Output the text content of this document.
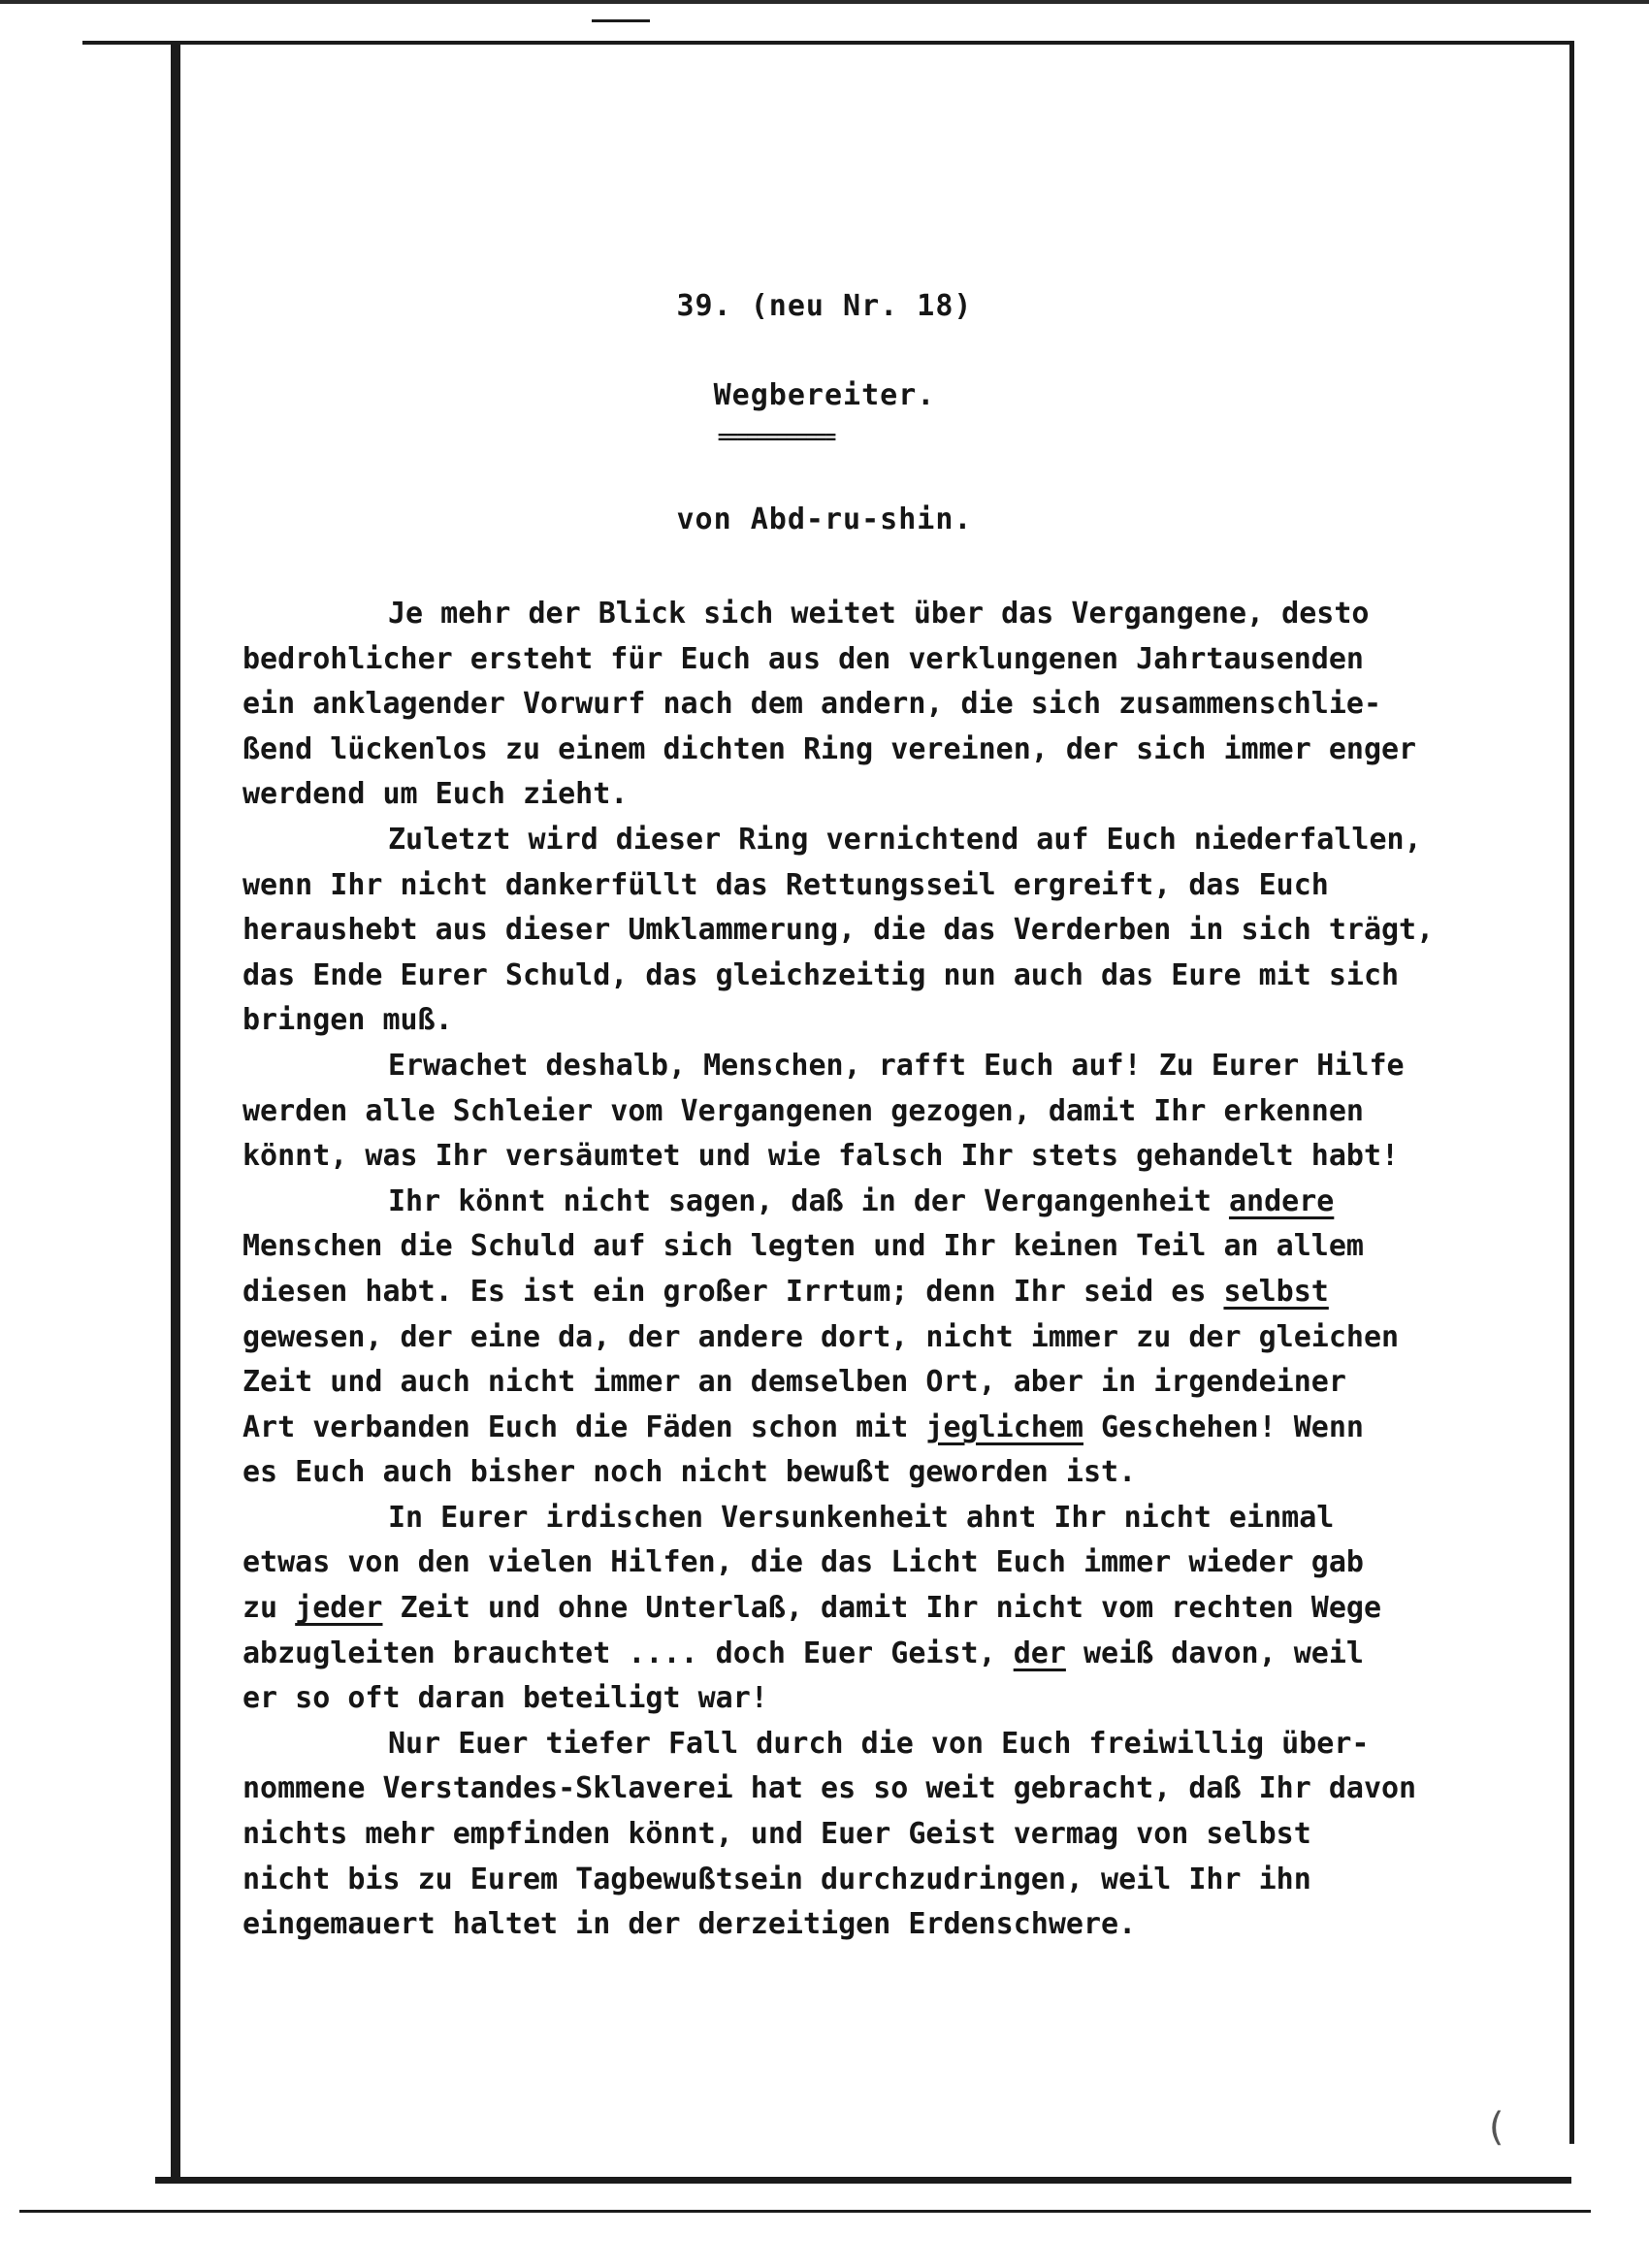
39. (neu Nr. 18)
Wegbereiter.
============
von Abd-ru-shin.
Je mehr der Blick sich weitet über das Vergangene, desto
bedrohlicher ersteht für Euch aus den verklungenen Jahrtausenden
ein anklagender Vorwurf nach dem andern, die sich zusammenschlie-
ßend lückenlos zu einem dichten Ring vereinen, der sich immer enger
werdend um Euch zieht.
Zuletzt wird dieser Ring vernichtend auf Euch niederfallen,
wenn Ihr nicht dankerfüllt das Rettungsseil ergreift, das Euch
heraushebt aus dieser Umklammerung, die das Verderben in sich trägt,
das Ende Eurer Schuld, das gleichzeitig nun auch das Eure mit sich
bringen muß.
Erwachet deshalb, Menschen, rafft Euch auf! Zu Eurer Hilfe
werden alle Schleier vom Vergangenen gezogen, damit Ihr erkennen
könnt, was Ihr versäumtet und wie falsch Ihr stets gehandelt habt!
Ihr könnt nicht sagen, daß in der Vergangenheit andere
Menschen die Schuld auf sich legten und Ihr keinen Teil an allem
diesen habt. Es ist ein großer Irrtum; denn Ihr seid es selbst
gewesen, der eine da, der andere dort, nicht immer zu der gleichen
Zeit und auch nicht immer an demselben Ort, aber in irgendeiner
Art verbanden Euch die Fäden schon mit jeglichem Geschehen! Wenn
es Euch auch bisher noch nicht bewußt geworden ist.
In Eurer irdischen Versunkenheit ahnt Ihr nicht einmal
etwas von den vielen Hilfen, die das Licht Euch immer wieder gab
zu jeder Zeit und ohne Unterlaß, damit Ihr nicht vom rechten Wege
abzugleiten brauchtet .... doch Euer Geist, der weiß davon, weil
er so oft daran beteiligt war!
Nur Euer tiefer Fall durch die von Euch freiwillig über-
nommene Verstandes-Sklaverei hat es so weit gebracht, daß Ihr davon
nichts mehr empfinden könnt, und Euer Geist vermag von selbst
nicht bis zu Eurem Tagbewußtsein durchzudringen, weil Ihr ihn
eingemauert haltet in der derzeitigen Erdenschwere.
(
